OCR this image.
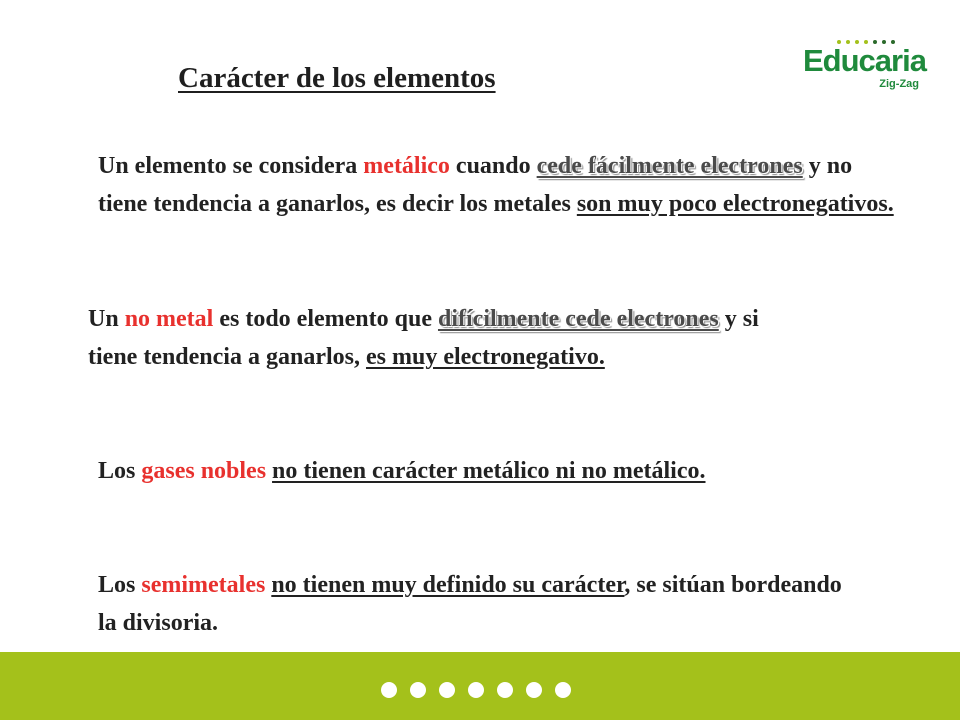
Carácter de los elementos	Educaria
Zig-Zag

Un elemento se considera metálico cuando cede fácilmente electrones y no tiene tendencia a ganarlos, es decir los metales son muy poco electronegativos.

Un no metal es todo elemento que difícilmente cede electrones y si tiene tendencia a ganarlos, es muy electronegativo.

Los gases nobles no tienen carácter metálico ni no metálico.

Los semimetales no tienen muy definido su carácter, se sitúan bordeando la divisoria.
